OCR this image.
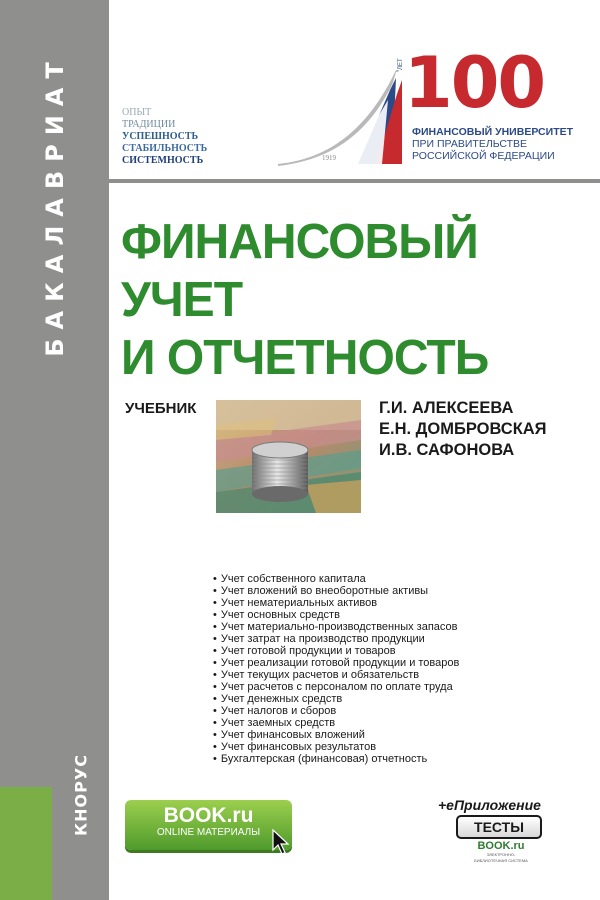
БАКАЛАВРИАТ
КНОРУС
ОПЫТ
ТРАДИЦИИ
УСПЕШНОСТЬ
СТАБИЛЬНОСТЬ
СИСТЕМНОСТЬ	1919
ЛЕТ 100
ФИНАНСОВЫЙ УНИВЕРСИТЕТ
ПРИ ПРАВИТЕЛЬСТВЕ
РОССИЙСКОЙ ФЕДЕРАЦИИ
ФИНАНСОВЫЙ УЧЕТ
И ОТЧЕТНОСТЬ
УЧЕБНИК	Г.И. АЛЕКСЕЕВА
Е.Н. ДОМБРОВСКАЯ
И.В. САФОНОВА
• Учет собственного капитала
• Учет вложений во внеоборотные активы
• Учет нематериальных активов
• Учет основных средств
• Учет материально-производственных запасов
• Учет затрат на производство продукции
• Учет готовой продукции и товаров
• Учет реализации готовой продукции и товаров
• Учет текущих расчетов и обязательств
• Учет расчетов с персоналом по оплате труда
• Учет денежных средств
• Учет налогов и сборов
• Учет заемных средств
• Учет финансовых вложений
• Учет финансовых результатов
• Бухгалтерская (финансовая) отчетность
BOOK.ru
ONLINE МАТЕРИАЛЫ
+еПриложение
ТЕСТЫ
BOOK.ru
ЭЛЕКТРОННО-БИБЛИОТЕЧНАЯ СИСТЕМА
